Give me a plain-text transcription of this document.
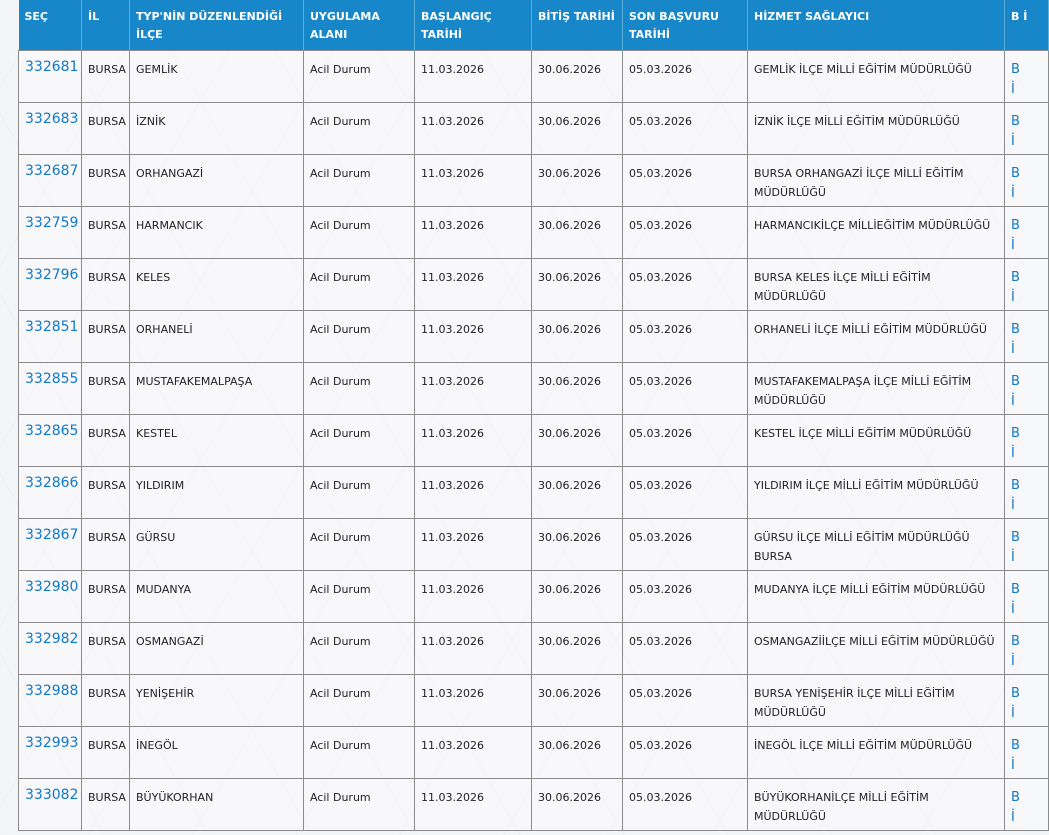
SEÇ	İL	TYP'NİN DÜZENLENDİĞİ İLÇE	UYGULAMA ALANI	BAŞLANGIÇ TARİHİ	BİTİŞ TARİHİ	SON BAŞVURU TARİHİ	HİZMET SAĞLAYICI	B İ
332681	BURSA	GEMLİK	Acil Durum	11.03.2026	30.06.2026	05.03.2026	GEMLİK İLÇE MİLLİ EĞİTİM MÜDÜRLÜĞÜ	B
İ

332683	BURSA	İZNİK	Acil Durum	11.03.2026	30.06.2026	05.03.2026	İZNİK İLÇE MİLLİ EĞİTİM MÜDÜRLÜĞÜ	B
İ

332687	BURSA	ORHANGAZİ	Acil Durum	11.03.2026	30.06.2026	05.03.2026	BURSA ORHANGAZİ İLÇE MİLLİ EĞİTİM MÜDÜRLÜĞÜ	B
İ

332759	BURSA	HARMANCIK	Acil Durum	11.03.2026	30.06.2026	05.03.2026	HARMANCIKİLÇE MİLLİEĞİTİM MÜDÜRLÜĞÜ	B
İ

332796	BURSA	KELES	Acil Durum	11.03.2026	30.06.2026	05.03.2026	BURSA KELES İLÇE MİLLİ EĞİTİM MÜDÜRLÜĞÜ	B
İ

332851	BURSA	ORHANELİ	Acil Durum	11.03.2026	30.06.2026	05.03.2026	ORHANELİ İLÇE MİLLİ EĞİTİM MÜDÜRLÜĞÜ	B
İ

332855	BURSA	MUSTAFAKEMALPAŞA	Acil Durum	11.03.2026	30.06.2026	05.03.2026	MUSTAFAKEMALPAŞA İLÇE MİLLİ EĞİTİM MÜDÜRLÜĞÜ	B
İ

332865	BURSA	KESTEL	Acil Durum	11.03.2026	30.06.2026	05.03.2026	KESTEL İLÇE MİLLİ EĞİTİM MÜDÜRLÜĞÜ	B
İ

332866	BURSA	YILDIRIM	Acil Durum	11.03.2026	30.06.2026	05.03.2026	YILDIRIM İLÇE MİLLİ EĞİTİM MÜDÜRLÜĞÜ	B
İ

332867	BURSA	GÜRSU	Acil Durum	11.03.2026	30.06.2026	05.03.2026	GÜRSU İLÇE MİLLİ EĞİTİM MÜDÜRLÜĞÜ BURSA	B
İ

332980	BURSA	MUDANYA	Acil Durum	11.03.2026	30.06.2026	05.03.2026	MUDANYA İLÇE MİLLİ EĞİTİM MÜDÜRLÜĞÜ	B
İ

332982	BURSA	OSMANGAZİ	Acil Durum	11.03.2026	30.06.2026	05.03.2026	OSMANGAZİİLÇE MİLLİ EĞİTİM MÜDÜRLÜĞÜ	B
İ

332988	BURSA	YENİŞEHİR	Acil Durum	11.03.2026	30.06.2026	05.03.2026	BURSA YENİŞEHİR İLÇE MİLLİ EĞİTİM MÜDÜRLÜĞÜ	B
İ

332993	BURSA	İNEGÖL	Acil Durum	11.03.2026	30.06.2026	05.03.2026	İNEGÖL İLÇE MİLLİ EĞİTİM MÜDÜRLÜĞÜ	B
İ

333082	BURSA	BÜYÜKORHAN	Acil Durum	11.03.2026	30.06.2026	05.03.2026	BÜYÜKORHANİLÇE MİLLİ EĞİTİM MÜDÜRLÜĞÜ	B
İ
